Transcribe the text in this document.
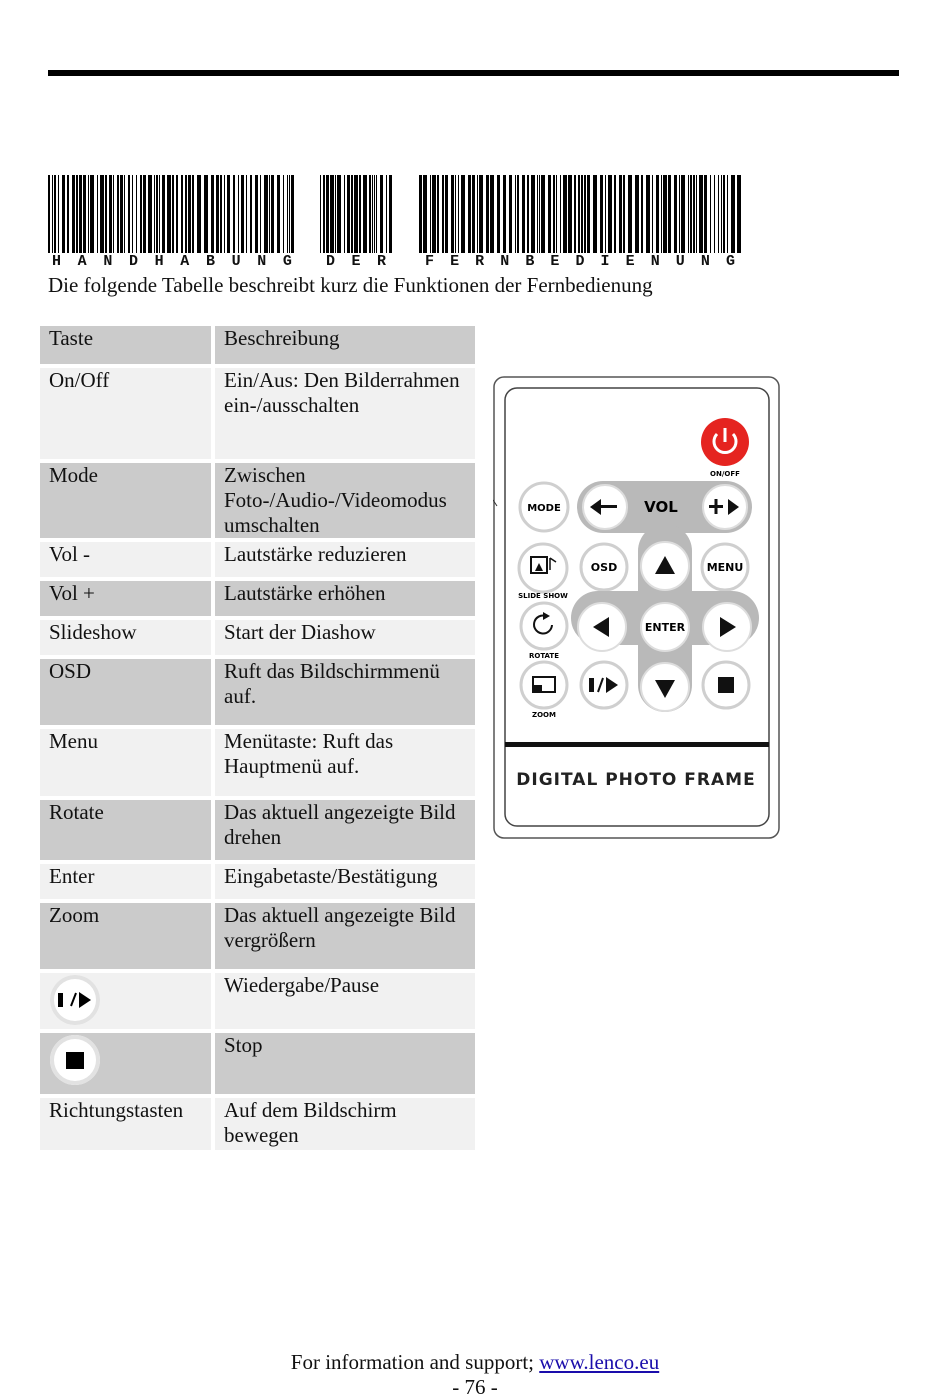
H A N D H A B U N G D E R	F E R N B E D I E N U N G
Die folgende Tabelle beschreibt kurz die Funktionen der Fernbedienung
Taste	Beschreibung
On/Off	Ein/Aus: Den Bilderrahmen ein-/ausschalten
Mode	Zwischen Foto-/Audio-/Videomodus umschalten
Vol -	Lautstärke reduzieren
Vol +	Lautstärke erhöhen
Slideshow	Start der Diashow
OSD	Ruft das Bildschirmmenü auf.
Menu	Menütaste: Ruft das Hauptmenü auf.
Rotate	Das aktuell angezeigte Bild drehen
Enter	Eingabetaste/Bestätigung
Zoom	Das aktuell angezeigte Bild vergrößern

	Wiedergabe/Pause

	Stop
Richtungstasten	Auf dem Bildschirm bewegen
ON/OFF
MODE	VOL
SLIDE SHOW
OSD	MENU
ENTER
ROTATE
ZOOM
DIGITAL PHOTO FRAME
For information and support; www.lenco.eu
- 76 -
